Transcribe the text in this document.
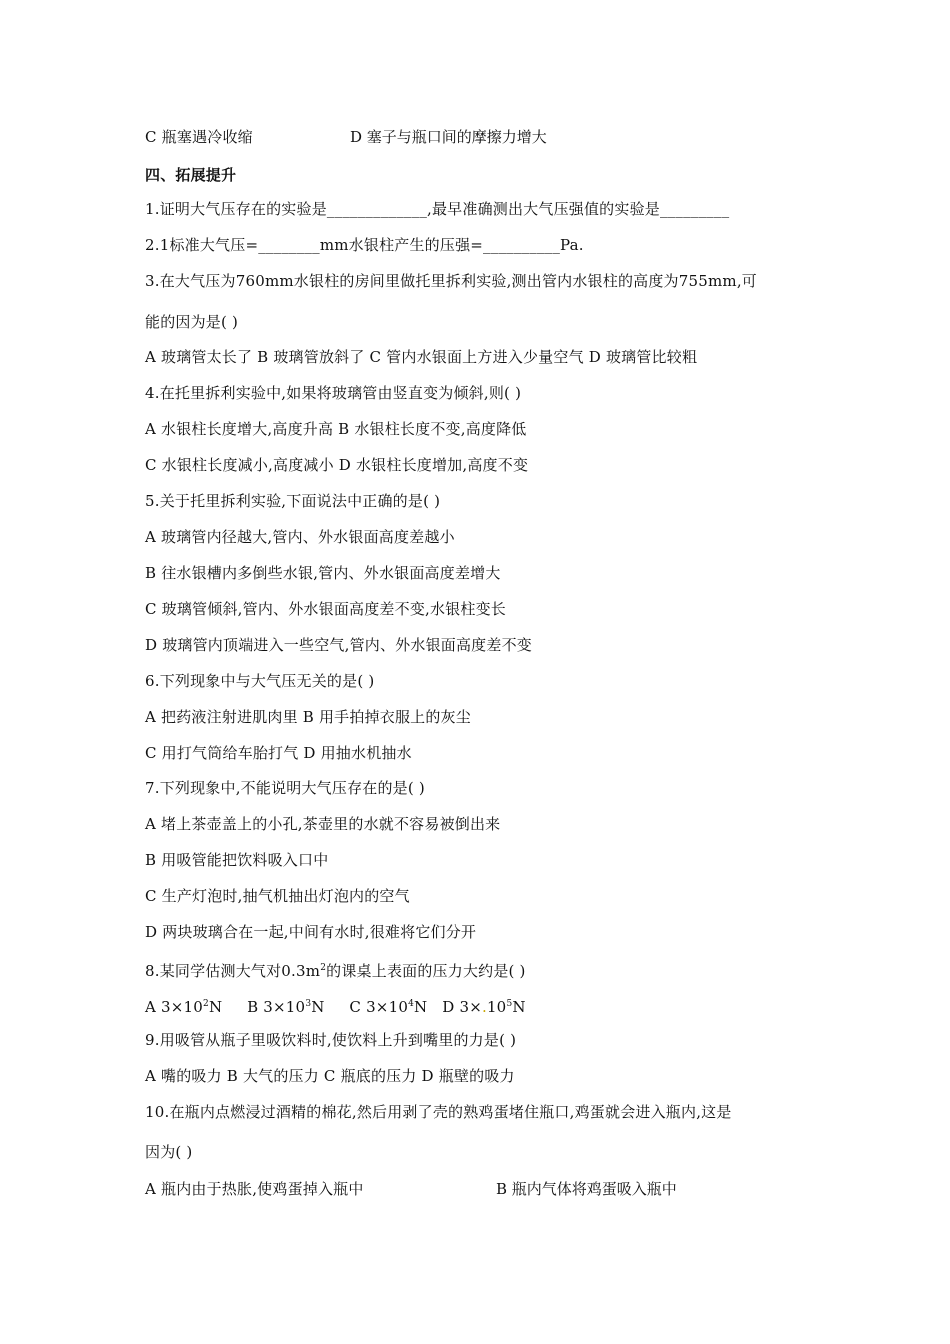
C 瓶塞遇冷收缩	D 塞子与瓶口间的摩擦力增大
四、拓展提升
1.证明大气压存在的实验是_____________,最早准确测出大气压强值的实验是_________
2.1标准大气压=________mm水银柱产生的压强=__________Pa.
3.在大气压为760mm水银柱的房间里做托里拆利实验,测出管内水银柱的高度为755mm,可
能的因为是( )
A 玻璃管太长了 B 玻璃管放斜了 C 管内水银面上方进入少量空气 D 玻璃管比较粗
4.在托里拆利实验中,如果将玻璃管由竖直变为倾斜,则( )
A 水银柱长度增大,高度升高 B 水银柱长度不变,高度降低
C 水银柱长度减小,高度减小 D 水银柱长度增加,高度不变
5.关于托里拆利实验,下面说法中正确的是( )
A 玻璃管内径越大,管内、外水银面高度差越小
B 往水银槽内多倒些水银,管内、外水银面高度差增大
C 玻璃管倾斜,管内、外水银面高度差不变,水银柱变长
D 玻璃管内顶端进入一些空气,管内、外水银面高度差不变
6.下列现象中与大气压无关的是( )
A 把药液注射进肌肉里 B 用手拍掉衣服上的灰尘
C 用打气筒给车胎打气 D 用抽水机抽水
7.下列现象中,不能说明大气压存在的是( )
A 堵上茶壶盖上的小孔,茶壶里的水就不容易被倒出来
B 用吸管能把饮料吸入口中
C 生产灯泡时,抽气机抽出灯泡内的空气
D 两块玻璃合在一起,中间有水时,很难将它们分开
8.某同学估测大气对$0.3m^2$的课桌上表面的压力大约是( )
A $3\times 10^2N$ B $3\times 10^3N$ C $3\times 10^4N$ D $3\times.10^5N$
9.用吸管从瓶子里吸饮料时,使饮料上升到嘴里的力是( )
A 嘴的吸力 B 大气的压力 C 瓶底的压力 D 瓶壁的吸力
10.在瓶内点燃浸过酒精的棉花,然后用剥了壳的熟鸡蛋堵住瓶口,鸡蛋就会进入瓶内,这是
因为( )
A 瓶内由于热胀,使鸡蛋掉入瓶中	B 瓶内气体将鸡蛋吸入瓶中
